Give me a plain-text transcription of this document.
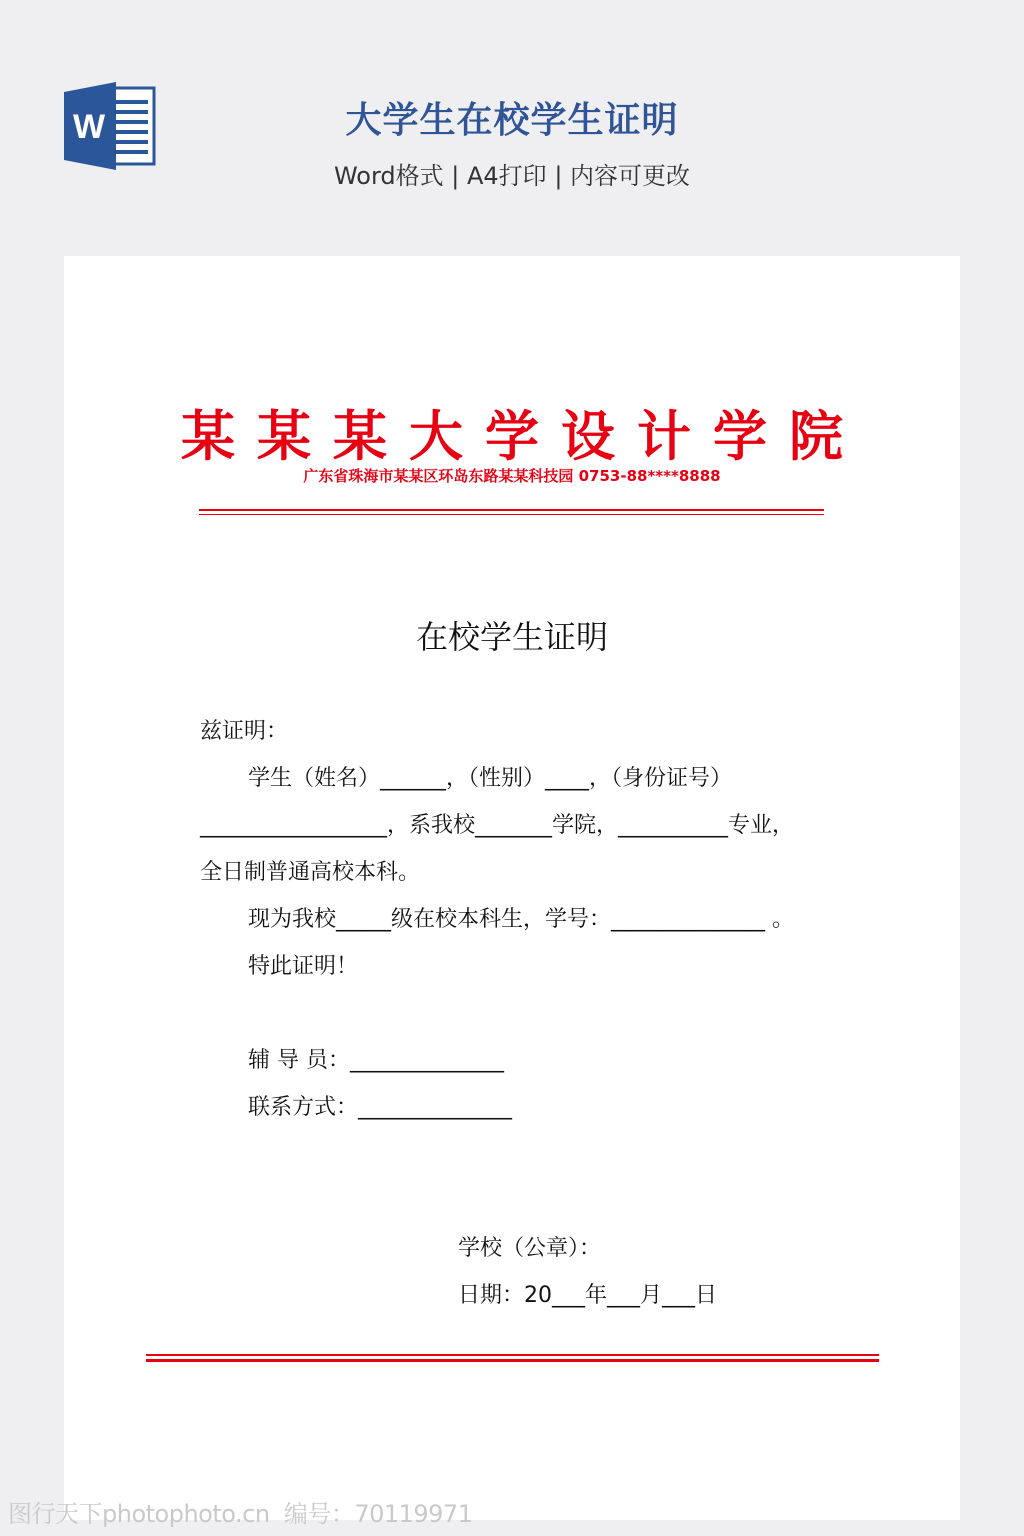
W	大学生在校学生证明
Word格式 | A4打印 | 内容可更改
某某某大学设计学院
广东省珠海市某某区环岛东路某某科技园 0753-88****8888
在校学生证明
兹证明：
学生（姓名）______，（性别）____，（身份证号）
_________________，系我校_______学院，__________专业，
全日制普通高校本科。
现为我校_____级在校本科生，学号：______________ 。
特此证明！
辅 导 员：______________
联系方式：______________
学校（公章）：
日期：20___年___月___日
图行天下photophoto.cn  编号：70119971
